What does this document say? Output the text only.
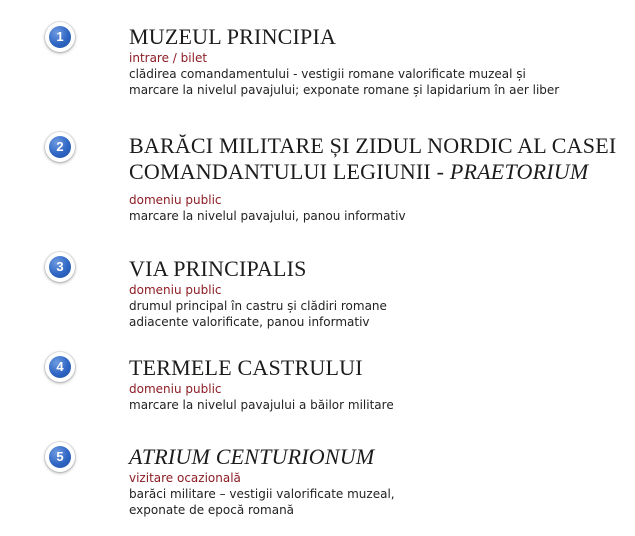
1	MUZEUL PRINCIPIA

intrare / bilet

clădirea comandamentului - vestigii romane valorificate muzeal și

marcare la nivelul pavajului; exponate romane și lapidarium în aer liber

2	BARĂCI MILITARE ȘI ZIDUL NORDIC AL CASEI

COMANDANTULUI LEGIUNII - PRAETORIUM

domeniu public

marcare la nivelul pavajului, panou informativ

3	VIA PRINCIPALIS

domeniu public

drumul principal în castru și clădiri romane

adiacente valorificate, panou informativ

4	TERMELE CASTRULUI

domeniu public

marcare la nivelul pavajului a băilor militare

5	ATRIUM CENTURIONUM

vizitare ocazională

barăci militare – vestigii valorificate muzeal,

exponate de epocă romană
